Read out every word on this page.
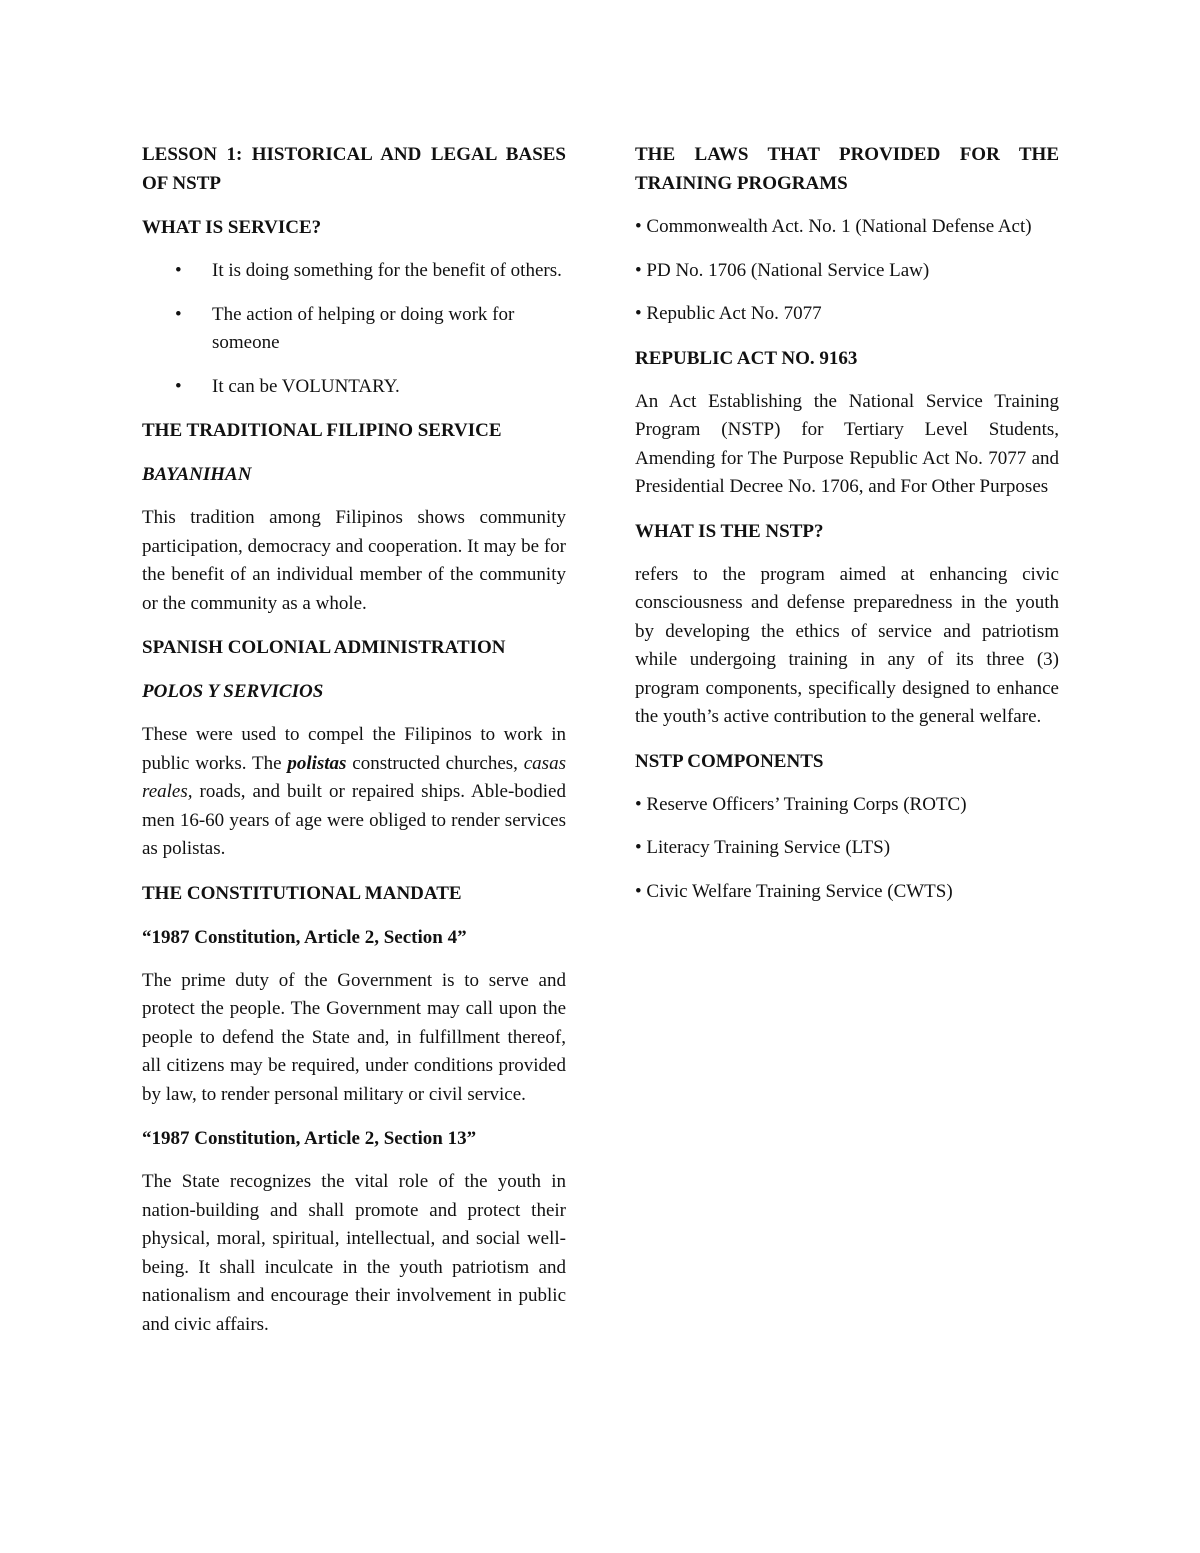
LESSON 1: HISTORICAL AND LEGAL BASES OF NSTP
WHAT IS SERVICE?
• It is doing something for the benefit of others.
• The action of helping or doing work for someone
• It can be VOLUNTARY.
THE TRADITIONAL FILIPINO SERVICE
BAYANIHAN

This tradition among Filipinos shows community participation, democracy and cooperation. It may be for the benefit of an individual member of the community or the community as a whole.

SPANISH COLONIAL ADMINISTRATION
POLOS Y SERVICIOS

These were used to compel the Filipinos to work in public works. The polistas constructed churches, casas reales, roads, and built or repaired ships. Able-bodied men 16-60 years of age were obliged to render services as polistas.

THE CONSTITUTIONAL MANDATE
“1987 Constitution, Article 2, Section 4”

The prime duty of the Government is to serve and protect the people. The Government may call upon the people to defend the State and, in fulfillment thereof, all citizens may be required, under conditions provided by law, to render personal military or civil service.

“1987 Constitution, Article 2, Section 13”

The State recognizes the vital role of the youth in nation-building and shall promote and protect their physical, moral, spiritual, intellectual, and social well-being. It shall inculcate in the youth patriotism and nationalism and encourage their involvement in public and civic affairs.

THE LAWS THAT PROVIDED FOR THE TRAINING PROGRAMS

• Commonwealth Act. No. 1 (National Defense Act)

• PD No. 1706 (National Service Law)

• Republic Act No. 7077

REPUBLIC ACT NO. 9163

An Act Establishing the National Service Training Program (NSTP) for Tertiary Level Students, Amending for The Purpose Republic Act No. 7077 and Presidential Decree No. 1706, and For Other Purposes

WHAT IS THE NSTP?

refers to the program aimed at enhancing civic consciousness and defense preparedness in the youth by developing the ethics of service and patriotism while undergoing training in any of its three (3) program components, specifically designed to enhance the youth’s active contribution to the general welfare.

NSTP COMPONENTS

• Reserve Officers’ Training Corps (ROTC)

• Literacy Training Service (LTS)

• Civic Welfare Training Service (CWTS)
